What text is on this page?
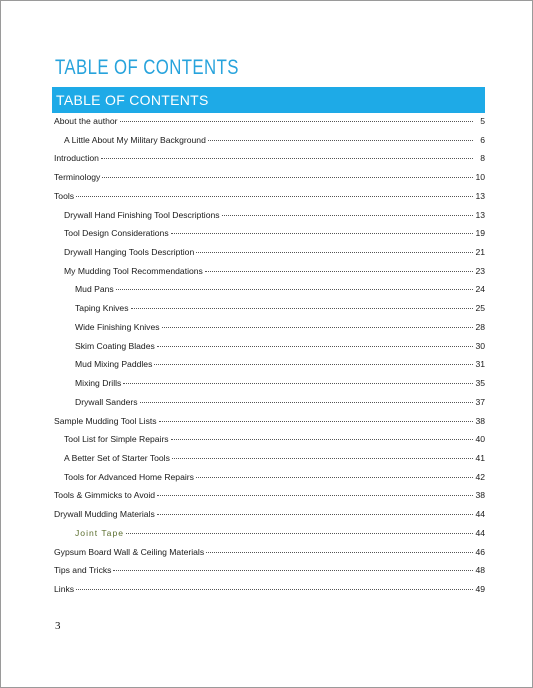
TABLE OF CONTENTS
TABLE OF CONTENTS
About the author	5
A Little About My Military Background	6
Introduction	8
Terminology	10
Tools	13
Drywall Hand Finishing Tool Descriptions	13
Tool Design Considerations	19
Drywall Hanging Tools Description	21
My Mudding Tool Recommendations	23
Mud Pans	24
Taping Knives	25
Wide Finishing Knives	28
Skim Coating Blades	30
Mud Mixing Paddles	31
Mixing Drills	35
Drywall Sanders	37
Sample Mudding Tool Lists	38
Tool List for Simple Repairs	40
A Better Set of Starter Tools	41
Tools for Advanced Home Repairs	42
Tools & Gimmicks to Avoid	38
Drywall Mudding Materials	44
Joint Tape	44
Gypsum Board Wall & Ceiling Materials	46
Tips and Tricks	48
Links	49
3
